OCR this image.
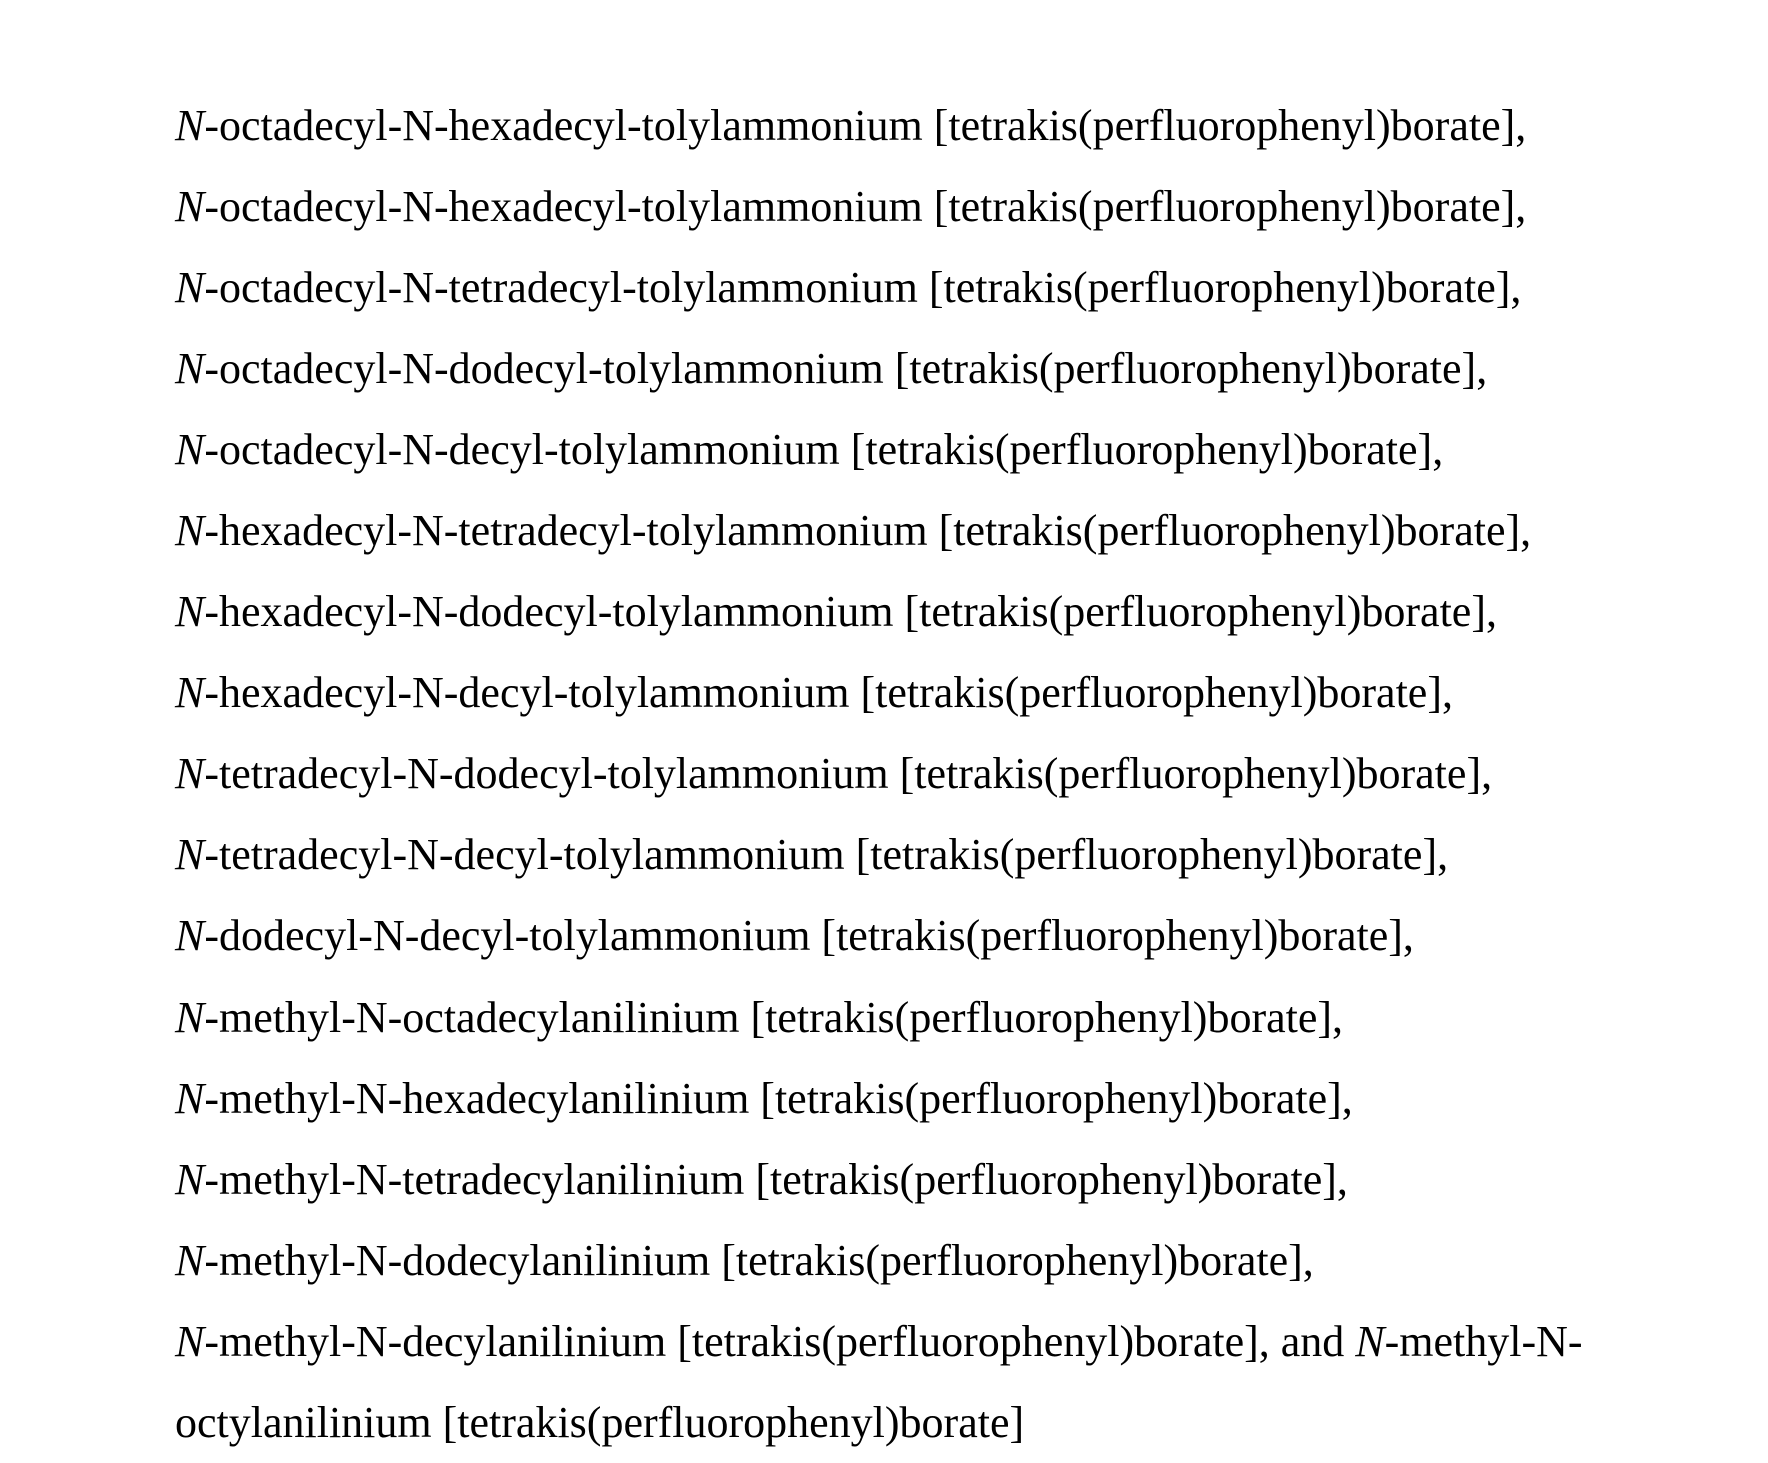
N-octadecyl-N-hexadecyl-tolylammonium [tetrakis(perfluorophenyl)borate],
N-octadecyl-N-hexadecyl-tolylammonium [tetrakis(perfluorophenyl)borate],
N-octadecyl-N-tetradecyl-tolylammonium [tetrakis(perfluorophenyl)borate],
N-octadecyl-N-dodecyl-tolylammonium [tetrakis(perfluorophenyl)borate],
N-octadecyl-N-decyl-tolylammonium [tetrakis(perfluorophenyl)borate],
N-hexadecyl-N-tetradecyl-tolylammonium [tetrakis(perfluorophenyl)borate],
N-hexadecyl-N-dodecyl-tolylammonium [tetrakis(perfluorophenyl)borate],
N-hexadecyl-N-decyl-tolylammonium [tetrakis(perfluorophenyl)borate],
N-tetradecyl-N-dodecyl-tolylammonium [tetrakis(perfluorophenyl)borate],
N-tetradecyl-N-decyl-tolylammonium [tetrakis(perfluorophenyl)borate],
N-dodecyl-N-decyl-tolylammonium [tetrakis(perfluorophenyl)borate],
N-methyl-N-octadecylanilinium [tetrakis(perfluorophenyl)borate],
N-methyl-N-hexadecylanilinium [tetrakis(perfluorophenyl)borate],
N-methyl-N-tetradecylanilinium [tetrakis(perfluorophenyl)borate],
N-methyl-N-dodecylanilinium [tetrakis(perfluorophenyl)borate],
N-methyl-N-decylanilinium [tetrakis(perfluorophenyl)borate], and N-methyl-N-
octylanilinium [tetrakis(perfluorophenyl)borate]
